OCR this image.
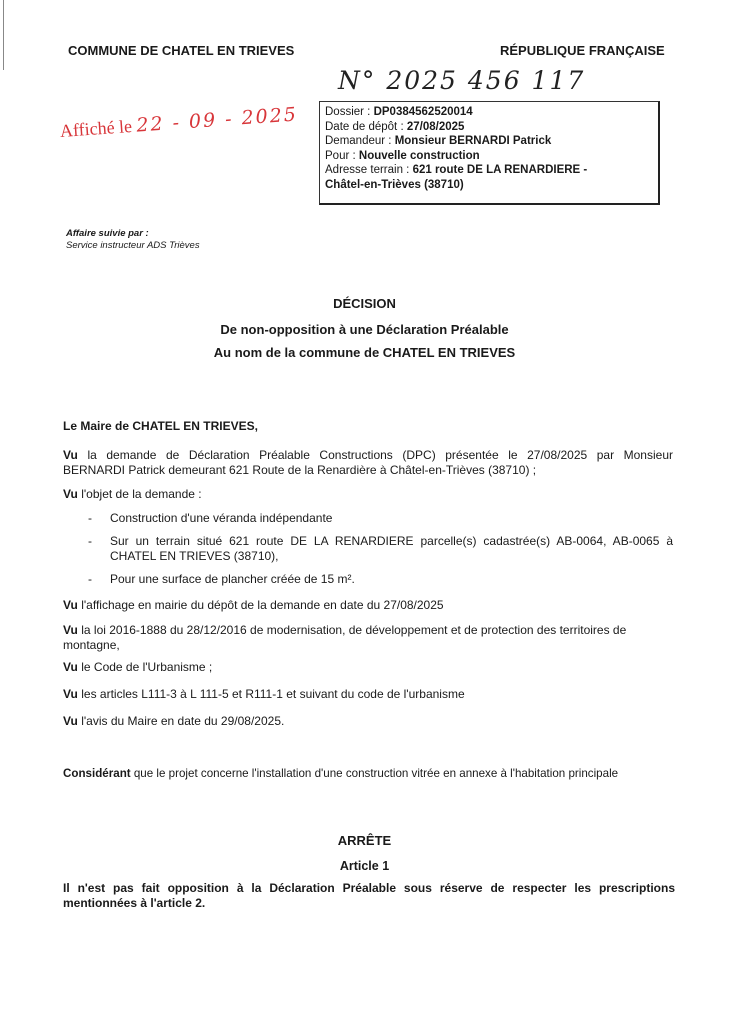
COMMUNE DE CHATEL EN TRIEVES	RÉPUBLIQUE FRANÇAISE
N° 2025 456 117
Affiché le 22 - 09 - 2025 Dossier : DP0384562520014
Date de dépôt : 27/08/2025
Demandeur : Monsieur BERNARDI Patrick
Pour : Nouvelle construction
Adresse terrain : 621 route DE LA RENARDIERE -
Châtel-en-Trièves (38710)
Affaire suivie par :
Service instructeur ADS Trièves
DÉCISION
De non-opposition à une Déclaration Préalable
Au nom de la commune de CHATEL EN TRIEVES
Le Maire de CHATEL EN TRIEVES,
Vu la demande de Déclaration Préalable Constructions (DPC) présentée le 27/08/2025 par Monsieur
BERNARDI Patrick demeurant 621 Route de la Renardière à Châtel-en-Trièves (38710) ;
Vu l'objet de la demande :
- Construction d'une véranda indépendante
- Sur un terrain situé 621 route DE LA RENARDIERE parcelle(s) cadastrée(s) AB-0064, AB-0065 à
CHATEL EN TRIEVES (38710),
- Pour une surface de plancher créée de 15 m².
Vu l'affichage en mairie du dépôt de la demande en date du 27/08/2025
Vu la loi 2016-1888 du 28/12/2016 de modernisation, de développement et de protection des territoires de
montagne,
Vu le Code de l'Urbanisme ;
Vu les articles L111-3 à L 111-5 et R111-1 et suivant du code de l'urbanisme
Vu l'avis du Maire en date du 29/08/2025.
Considérant que le projet concerne l'installation d'une construction vitrée en annexe à l'habitation principale
ARRÊTE
Article 1
Il n'est pas fait opposition à la Déclaration Préalable sous réserve de respecter les prescriptions
mentionnées à l'article 2.
